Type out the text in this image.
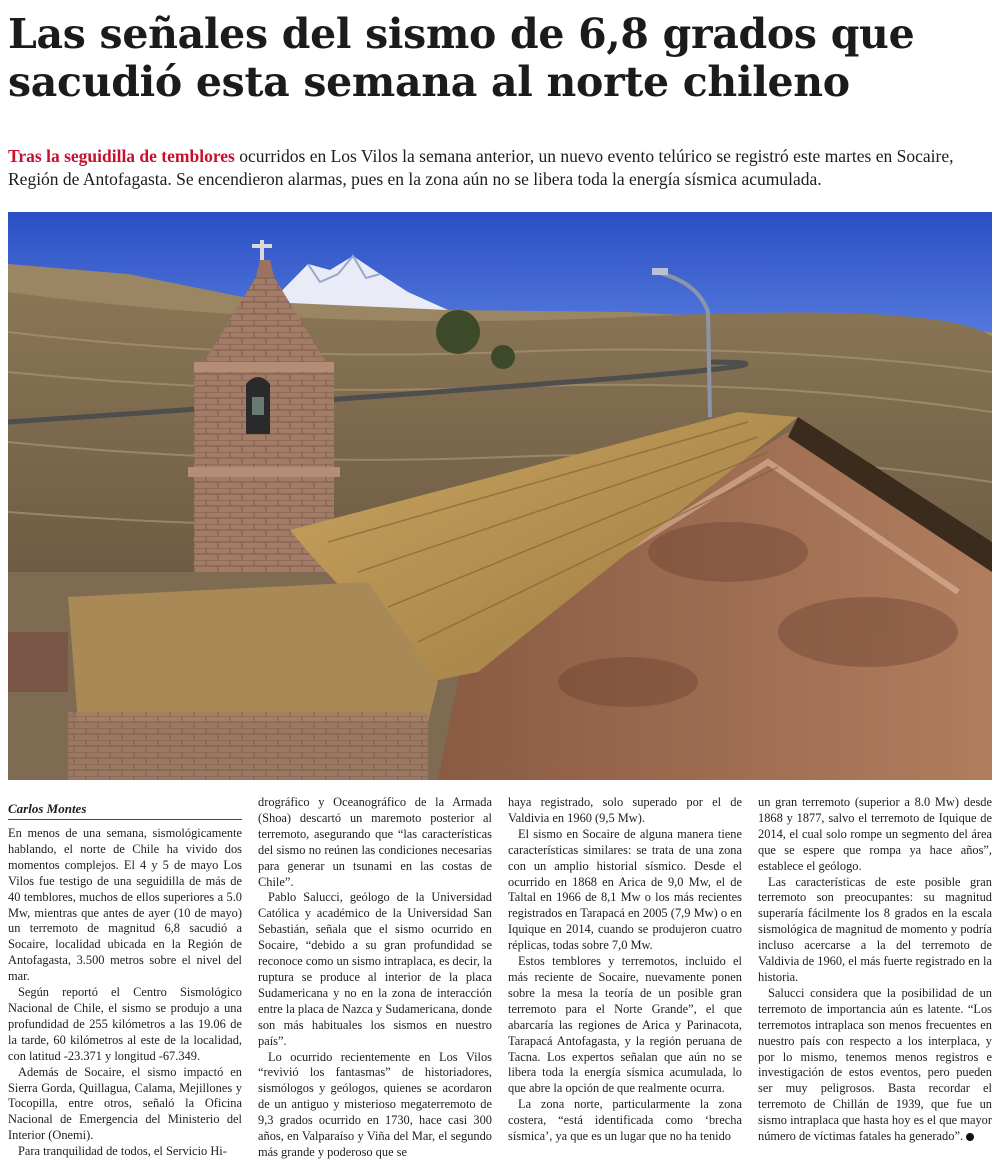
Las señales del sismo de 6,8 grados que sacudió esta semana al norte chileno

Tras la seguidilla de temblores ocurridos en Los Vilos la semana anterior, un nuevo evento telúrico se registró este martes en Socaire, Región de Antofagasta. Se encendieron alarmas, pues en la zona aún no se libera toda la energía sísmica acumulada.

Carlos Montes

En menos de una semana, sismológicamente hablando, el norte de Chile ha vivido dos momentos complejos. El 4 y 5 de mayo Los Vilos fue testigo de una seguidilla de más de 40 temblores, muchos de ellos superiores a 5.0 Mw, mientras que antes de ayer (10 de mayo) un terremoto de magnitud 6,8 sacudió a Socaire, localidad ubicada en la Región de Antofagasta, 3.500 metros sobre el nivel del mar.

Según reportó el Centro Sismológico Nacional de Chile, el sismo se produjo a una profundidad de 255 kilómetros a las 19.06 de la tarde, 60 kilómetros al este de la localidad, con latitud -23.371 y longitud -67.349.

Además de Socaire, el sismo impactó en Sierra Gorda, Quillagua, Calama, Mejillones y Tocopilla, entre otros, señaló la Oficina Nacional de Emergencia del Ministerio del Interior (Onemi).

Para tranquilidad de todos, el Servicio Hi-

drográfico y Oceanográfico de la Armada (Shoa) descartó un maremoto posterior al terremoto, asegurando que “las características del sismo no reúnen las condiciones necesarias para generar un tsunami en las costas de Chile”.

Pablo Salucci, geólogo de la Universidad Católica y académico de la Universidad San Sebastián, señala que el sismo ocurrido en Socaire, “debido a su gran profundidad se reconoce como un sismo intraplaca, es decir, la ruptura se produce al interior de la placa Sudamericana y no en la zona de interacción entre la placa de Nazca y Sudamericana, donde son más habituales los sismos en nuestro país”.

Lo ocurrido recientemente en Los Vilos “revivió los fantasmas” de historiadores, sismólogos y geólogos, quienes se acordaron de un antiguo y misterioso megaterremoto de 9,3 grados ocurrido en 1730, hace casi 300 años, en Valparaíso y Viña del Mar, el segundo más grande y poderoso que se

haya registrado, solo superado por el de Valdivia en 1960 (9,5 Mw).

El sismo en Socaire de alguna manera tiene características similares: se trata de una zona con un amplio historial sísmico. Desde el ocurrido en 1868 en Arica de 9,0 Mw, el de Taltal en 1966 de 8,1 Mw o los más recientes registrados en Tarapacá en 2005 (7,9 Mw) o en Iquique en 2014, cuando se produjeron cuatro réplicas, todas sobre 7,0 Mw.

Estos temblores y terremotos, incluido el más reciente de Socaire, nuevamente ponen sobre la mesa la teoría de un posible gran terremoto para el Norte Grande”, el que abarcaría las regiones de Arica y Parinacota, Tarapacá Antofagasta, y la región peruana de Tacna. Los expertos señalan que aún no se libera toda la energía sísmica acumulada, lo que abre la opción de que realmente ocurra.

La zona norte, particularmente la zona costera, “está identificada como ‘brecha sísmica’, ya que es un lugar que no ha tenido

un gran terremoto (superior a 8.0 Mw) desde 1868 y 1877, salvo el terremoto de Iquique de 2014, el cual solo rompe un segmento del área que se espere que rompa ya hace años”, establece el geólogo.

Las características de este posible gran terremoto son preocupantes: su magnitud superaría fácilmente los 8 grados en la escala sismológica de magnitud de momento y podría incluso acercarse a la del terremoto de Valdivia de 1960, el más fuerte registrado en la historia.

Salucci considera que la posibilidad de un terremoto de importancia aún es latente. “Los terremotos intraplaca son menos frecuentes en nuestro país con respecto a los interplaca, y por lo mismo, tenemos menos registros e investigación de estos eventos, pero pueden ser muy peligrosos. Basta recordar el terremoto de Chillán de 1939, que fue un sismo intraplaca que hasta hoy es el que mayor número de víctimas fatales ha generado”.
